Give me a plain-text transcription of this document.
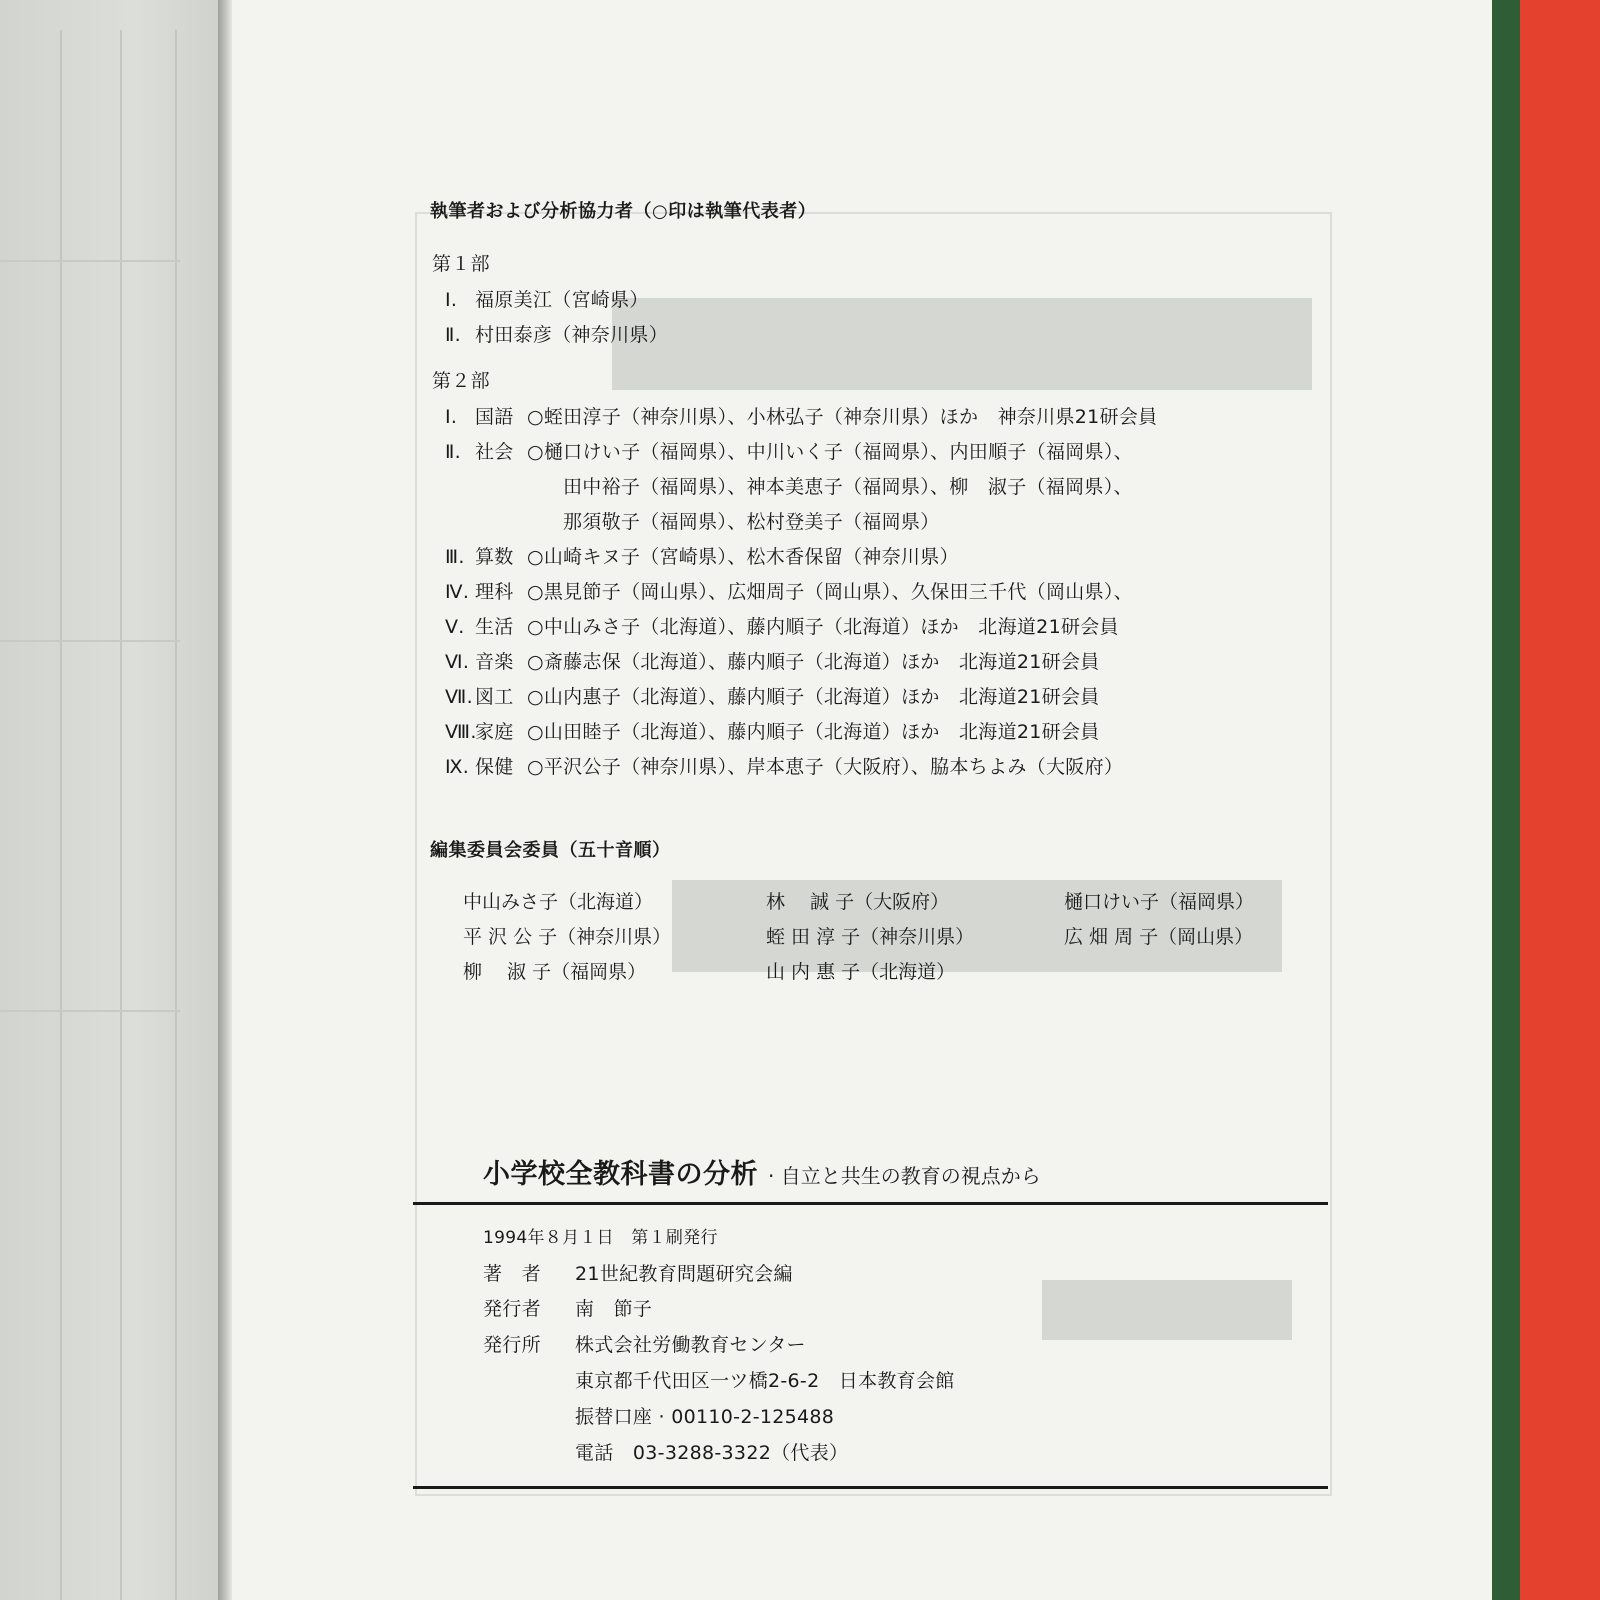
執筆者および分析協力者（○印は執筆代表者）
第１部
Ⅰ. 福原美江（宮崎県）
Ⅱ. 村田泰彦（神奈川県）
第２部
Ⅰ. 国語 ○蛭田淳子（神奈川県）、小林弘子（神奈川県）ほか　神奈川県21研会員
Ⅱ. 社会 ○樋口けい子（福岡県）、中川いく子（福岡県）、内田順子（福岡県）、
田中裕子（福岡県）、神本美恵子（福岡県）、柳　淑子（福岡県）、
那須敬子（福岡県）、松村登美子（福岡県）
Ⅲ. 算数 ○山崎キヌ子（宮崎県）、松木香保留（神奈川県）
Ⅳ. 理科 ○黒見節子（岡山県）、広畑周子（岡山県）、久保田三千代（岡山県）、
Ⅴ. 生活 ○中山みさ子（北海道）、藤内順子（北海道）ほか　北海道21研会員
Ⅵ. 音楽 ○斎藤志保（北海道）、藤内順子（北海道）ほか　北海道21研会員
Ⅶ. 図工 ○山内惠子（北海道）、藤内順子（北海道）ほか　北海道21研会員
Ⅷ.家庭 ○山田睦子（北海道）、藤内順子（北海道）ほか　北海道21研会員
Ⅸ. 保健 ○平沢公子（神奈川県）、岸本恵子（大阪府）、脇本ちよみ（大阪府）
編集委員会委員（五十音順）
中山みさ子（北海道）
平 沢 公 子（神奈川県）
柳　 淑 子（福岡県）
林　 誠 子（大阪府）
蛭 田 淳 子（神奈川県）
山 内 惠 子（北海道）
樋口けい子（福岡県）
広 畑 周 子（岡山県）
小学校全教科書の分析 · 自立と共生の教育の視点から
1994年８月１日　第１刷発行
著　者 21世紀教育問題研究会編
発行者 南　節子
発行所 株式会社労働教育センター
東京都千代田区一ツ橋2-6-2　日本教育会館
振替口座 · 00110-2-125488
電話　03-3288-3322（代表）
